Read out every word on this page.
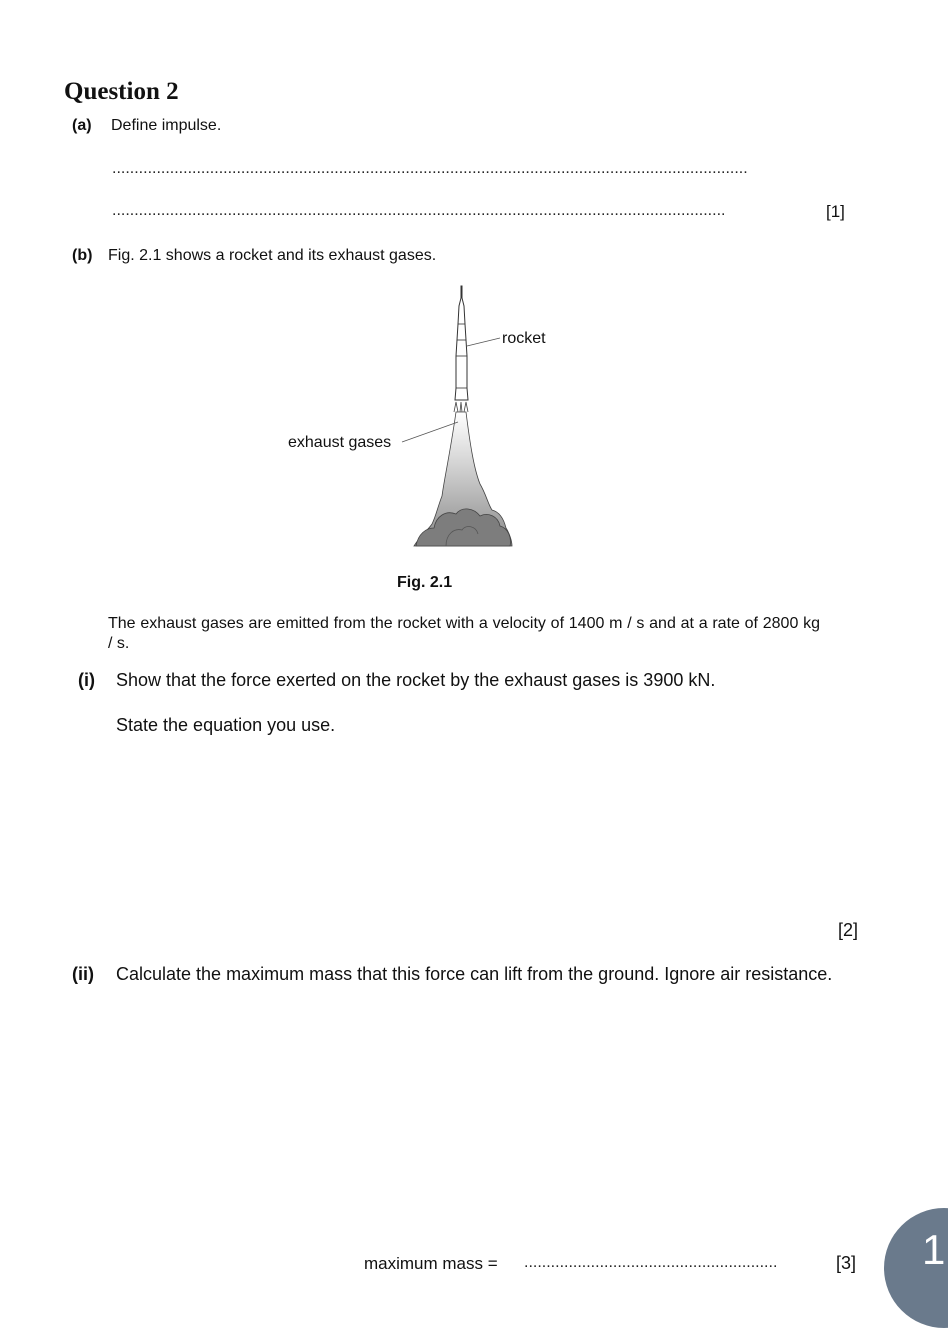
Question 2
(a) Define impulse.
...............................................................................................................................................
..........................................................................................................................................	[1]
(b) Fig. 2.1 shows a rocket and its exhaust gases.
rocket
exhaust gases
Fig. 2.1
The exhaust gases are emitted from the rocket with a velocity of 1400 m / s and at a rate of 2800 kg / s.
(i) Show that the force exerted on the rocket by the exhaust gases is 3900 kN.
State the equation you use.
[2]
(ii) Calculate the maximum mass that this force can lift from the ground. Ignore air resistance.
maximum mass = .........................................................	[3] 1
